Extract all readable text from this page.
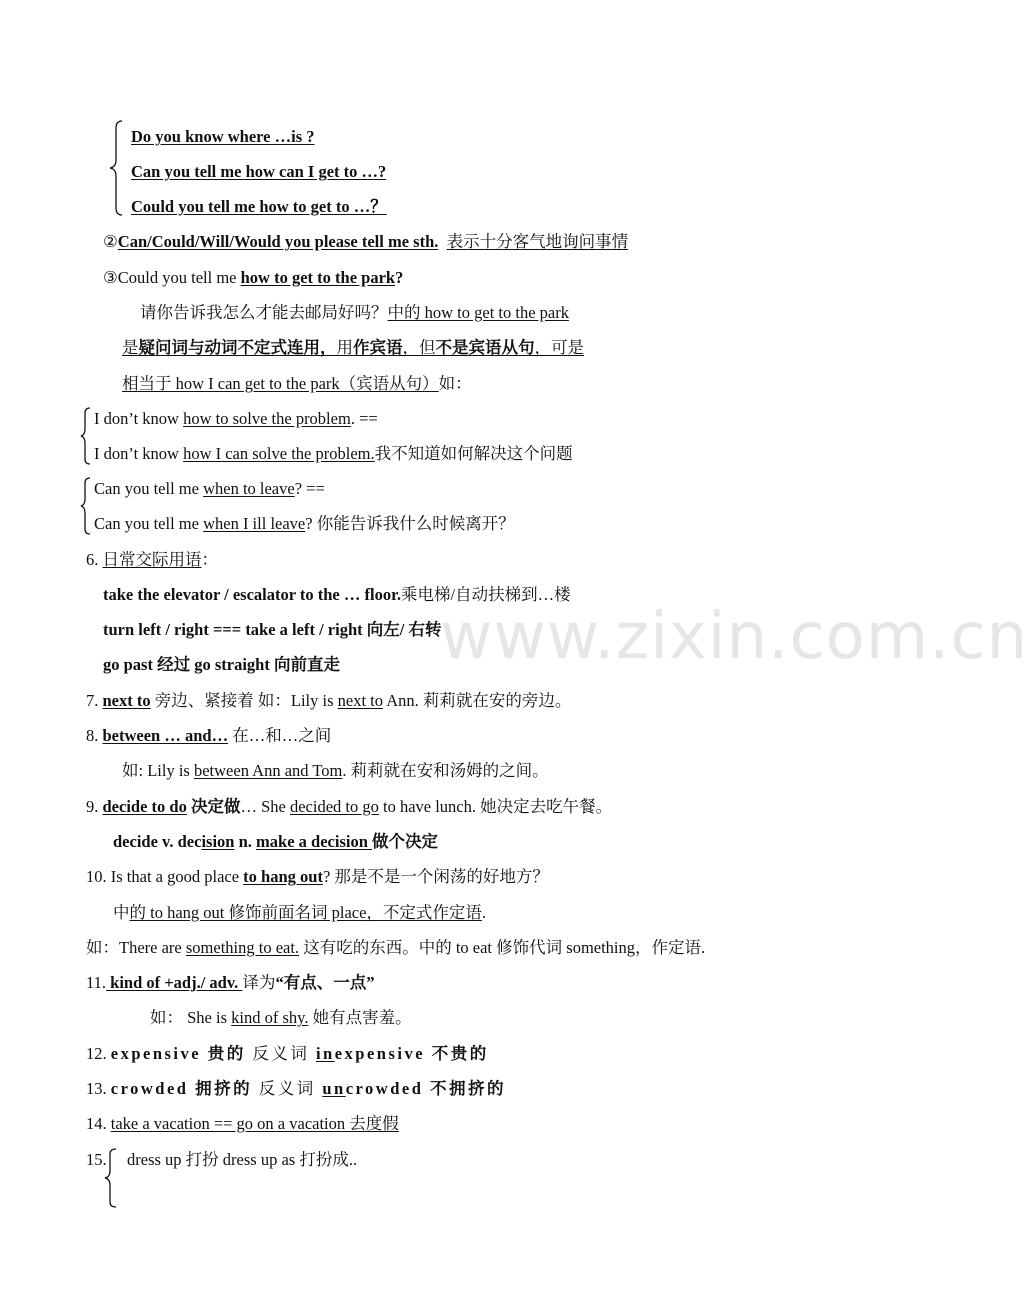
www.zixin.com.cn
Do you know where …is ?
Can you tell me how can I get to …?
Could you tell me how to get to …？
②Can/Could/Will/Would you please tell me sth. 表示十分客气地询问事情
③Could you tell me how to get to the park?
请你告诉我怎么才能去邮局好吗？中的 how to get to the park
是疑问词与动词不定式连用，用作宾语，但不是宾语从句，可是
相当于 how I can get to the park（宾语从句）如：
I don’t know how to solve the problem. ==
I don’t know how I can solve the problem.我不知道如何解决这个问题
Can you tell me when to leave? ==
Can you tell me when I ill leave? 你能告诉我什么时候离开？
6. 日常交际用语：
take the elevator / escalator to the … floor.乘电梯/自动扶梯到…楼
turn left / right === take a left / right 向左/ 右转
go past 经过 go straight 向前直走
7. next to 旁边、紧接着 如：Lily is next to Ann. 莉莉就在安的旁边。
8. between … and… 在…和…之间
如: Lily is between Ann and Tom. 莉莉就在安和汤姆的之间。
9. decide to do 决定做… She decided to go to have lunch. 她决定去吃午餐。
decide v. decision n. make a decision 做个决定
10. Is that a good place to hang out? 那是不是一个闲荡的好地方？
中的 to hang out 修饰前面名词 place，不定式作定语.
如：There are something to eat. 这有吃的东西。中的 to eat 修饰代词 something，作定语.
11. kind of +adj./ adv. 译为“有点、一点”
如： She is kind of shy. 她有点害羞。
12. expensive 贵的 反义词 inexpensive 不贵的
13. crowded 拥挤的 反义词 uncrowded 不拥挤的
14. take a vacation == go on a vacation 去度假
15. dress up 打扮 dress up as 打扮成..
